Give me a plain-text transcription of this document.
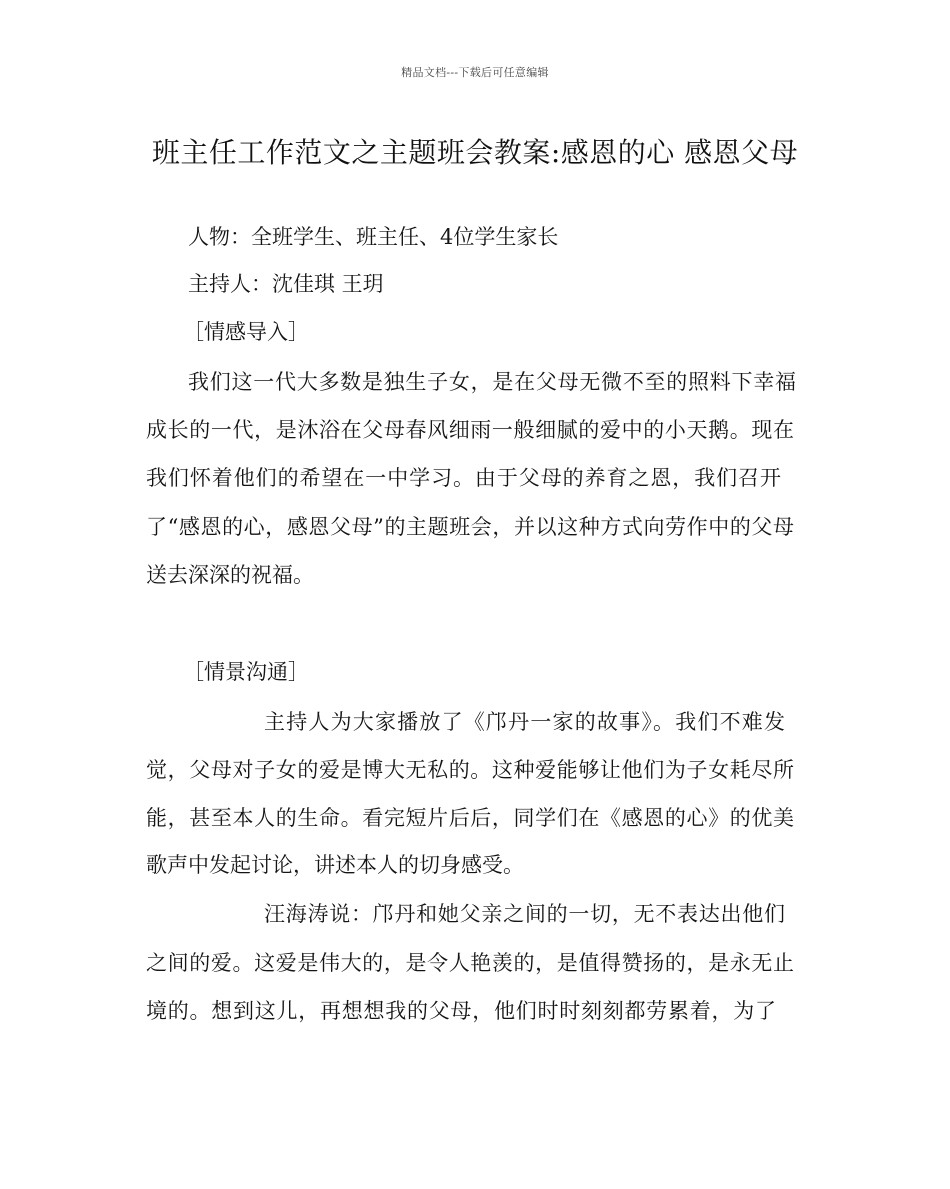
精品文档---下载后可任意编辑
班主任工作范文之主题班会教案:感恩的心 感恩父母
人物：全班学生、班主任、4位学生家长
主持人：沈佳琪 王玥
［情感导入］
我们这一代大多数是独生子女，是在父母无微不至的照料下幸福
成长的一代，是沐浴在父母春风细雨一般细腻的爱中的小天鹅。现在
我们怀着他们的希望在一中学习。由于父母的养育之恩，我们召开
了“感恩的心，感恩父母”的主题班会，并以这种方式向劳作中的父母
送去深深的祝福。
［情景沟通］
主持人为大家播放了《邝丹一家的故事》。我们不难发
觉，父母对子女的爱是博大无私的。这种爱能够让他们为子女耗尽所
能，甚至本人的生命。看完短片后后，同学们在《感恩的心》的优美
歌声中发起讨论，讲述本人的切身感受。
汪海涛说：邝丹和她父亲之间的一切，无不表达出他们
之间的爱。这爱是伟大的，是令人艳羡的，是值得赞扬的，是永无止
境的。想到这儿，再想想我的父母，他们时时刻刻都劳累着，为了
